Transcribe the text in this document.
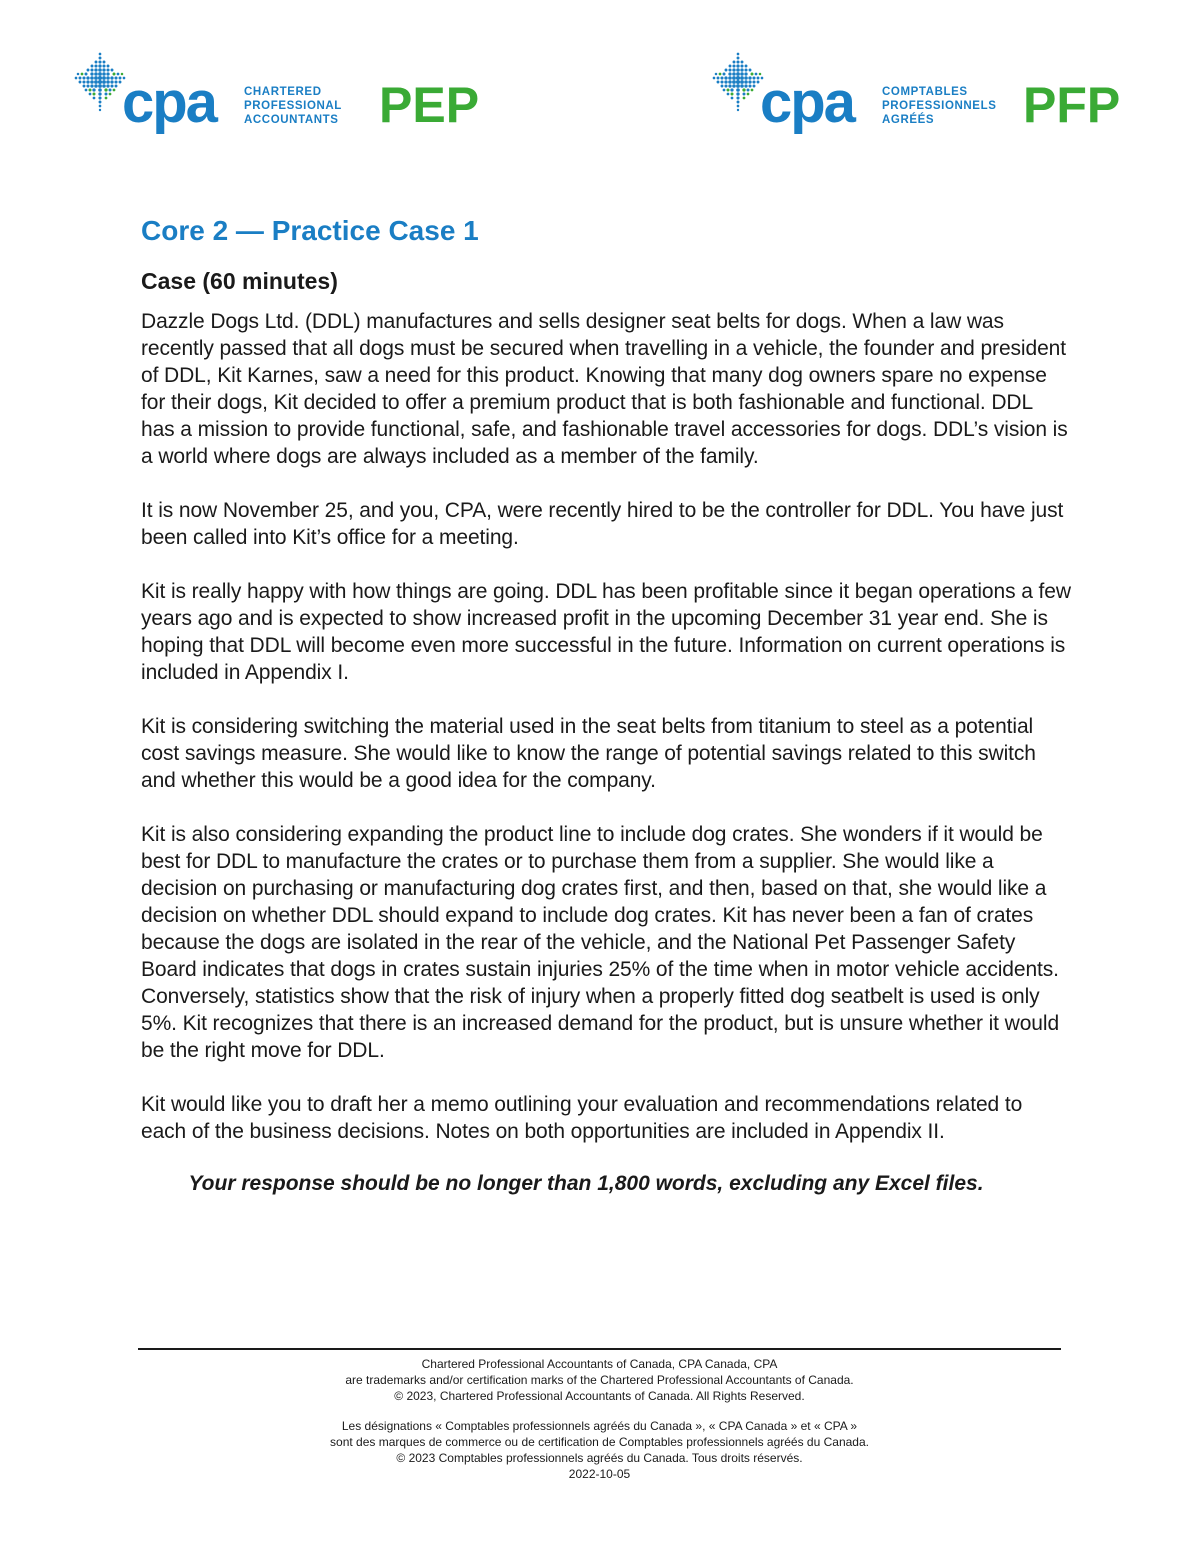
cpa CHARTERED
PROFESSIONAL
ACCOUNTANTS PEP	cpa COMPTABLES
PROFESSIONNELS
AGRÉÉS	PFP
Core 2 — Practice Case 1
Case (60 minutes)

Dazzle Dogs Ltd. (DDL) manufactures and sells designer seat belts for dogs. When a law was recently passed that all dogs must be secured when travelling in a vehicle, the founder and president of DDL, Kit Karnes, saw a need for this product. Knowing that many dog owners spare no expense for their dogs, Kit decided to offer a premium product that is both fashionable and functional. DDL has a mission to provide functional, safe, and fashionable travel accessories for dogs. DDL’s vision is a world where dogs are always included as a member of the family.

It is now November 25, and you, CPA, were recently hired to be the controller for DDL. You have just been called into Kit’s office for a meeting.

Kit is really happy with how things are going. DDL has been profitable since it began operations a few years ago and is expected to show increased profit in the upcoming December 31 year end. She is hoping that DDL will become even more successful in the future. Information on current operations is included in Appendix I.

Kit is considering switching the material used in the seat belts from titanium to steel as a potential cost savings measure. She would like to know the range of potential savings related to this switch and whether this would be a good idea for the company.

Kit is also considering expanding the product line to include dog crates. She wonders if it would be best for DDL to manufacture the crates or to purchase them from a supplier. She would like a decision on purchasing or manufacturing dog crates first, and then, based on that, she would like a decision on whether DDL should expand to include dog crates. Kit has never been a fan of crates because the dogs are isolated in the rear of the vehicle, and the National Pet Passenger Safety Board indicates that dogs in crates sustain injuries 25% of the time when in motor vehicle accidents. Conversely, statistics show that the risk of injury when a properly fitted dog seatbelt is used is only 5%. Kit recognizes that there is an increased demand for the product, but is unsure whether it would be the right move for DDL.

Kit would like you to draft her a memo outlining your evaluation and recommendations related to each of the business decisions. Notes on both opportunities are included in Appendix II.

Your response should be no longer than 1,800 words, excluding any Excel files.

Chartered Professional Accountants of Canada, CPA Canada, CPA
are trademarks and/or certification marks of the Chartered Professional Accountants of Canada.
© 2023, Chartered Professional Accountants of Canada. All Rights Reserved.
Les désignations « Comptables professionnels agréés du Canada », « CPA Canada » et « CPA »
sont des marques de commerce ou de certification de Comptables professionnels agréés du Canada.
© 2023 Comptables professionnels agréés du Canada. Tous droits réservés.
2022-10-05
